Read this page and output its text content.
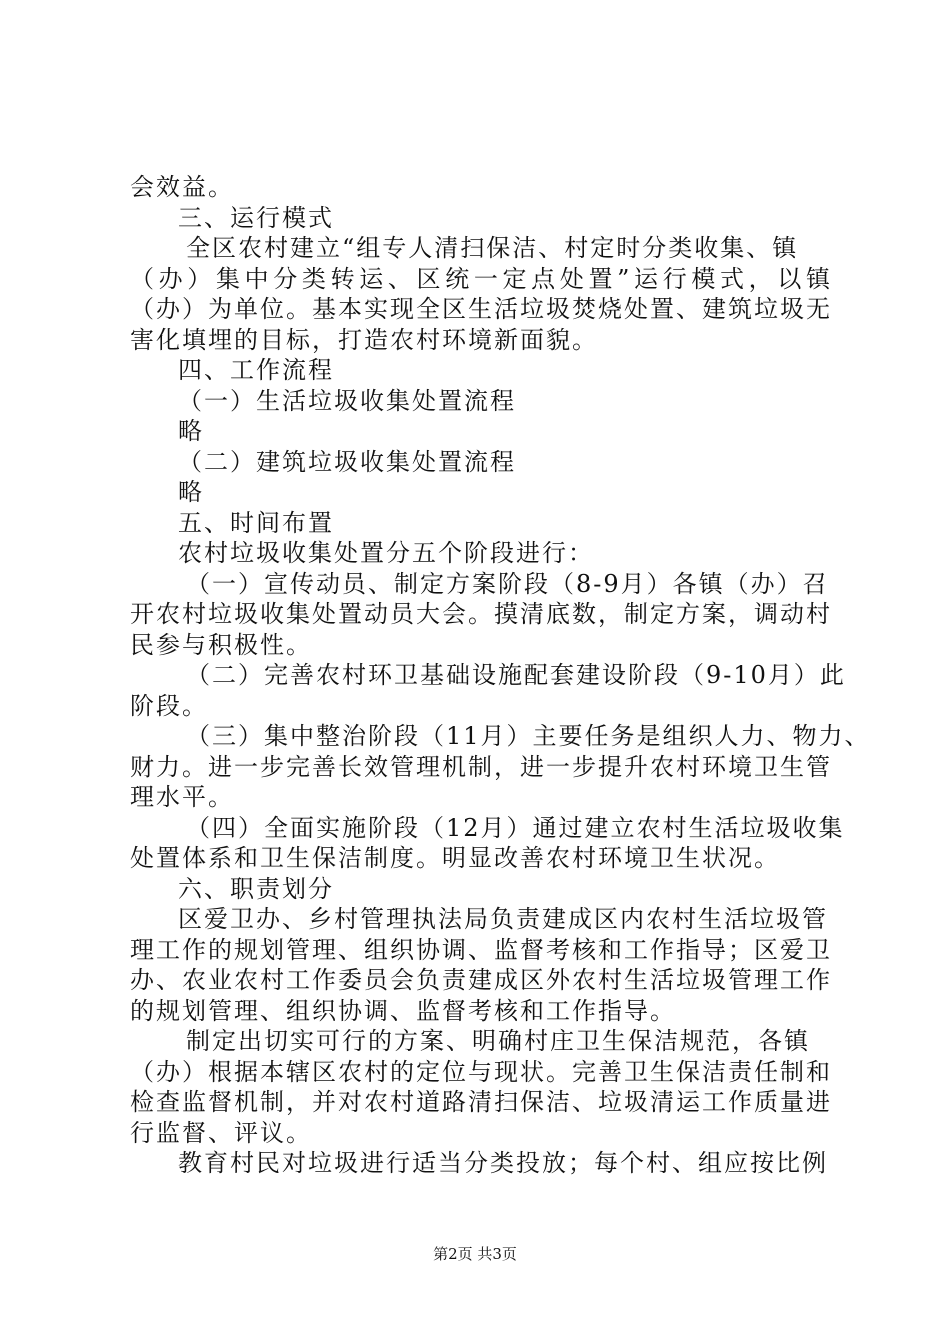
会效益。
三、运行模式
全区农村建立“组专人清扫保洁、村定时分类收集、镇
（办）集中分类转运、区统一定点处置”运行模式，以镇
（办）为单位。基本实现全区生活垃圾焚烧处置、建筑垃圾无
害化填埋的目标，打造农村环境新面貌。
四、工作流程
（一）生活垃圾收集处置流程
略
（二）建筑垃圾收集处置流程
略
五、时间布置
农村垃圾收集处置分五个阶段进行：
（一）宣传动员、制定方案阶段（8-9月）各镇（办）召
开农村垃圾收集处置动员大会。摸清底数，制定方案，调动村
民参与积极性。
（二）完善农村环卫基础设施配套建设阶段（9-10月）此
阶段。
（三）集中整治阶段（11月）主要任务是组织人力、物力、
财力。进一步完善长效管理机制，进一步提升农村环境卫生管
理水平。
（四）全面实施阶段（12月）通过建立农村生活垃圾收集
处置体系和卫生保洁制度。明显改善农村环境卫生状况。
六、职责划分
区爱卫办、乡村管理执法局负责建成区内农村生活垃圾管
理工作的规划管理、组织协调、监督考核和工作指导；区爱卫
办、农业农村工作委员会负责建成区外农村生活垃圾管理工作
的规划管理、组织协调、监督考核和工作指导。
制定出切实可行的方案、明确村庄卫生保洁规范，各镇
（办）根据本辖区农村的定位与现状。完善卫生保洁责任制和
检查监督机制，并对农村道路清扫保洁、垃圾清运工作质量进
行监督、评议。
教育村民对垃圾进行适当分类投放；每个村、组应按比例
第2页 共3页
